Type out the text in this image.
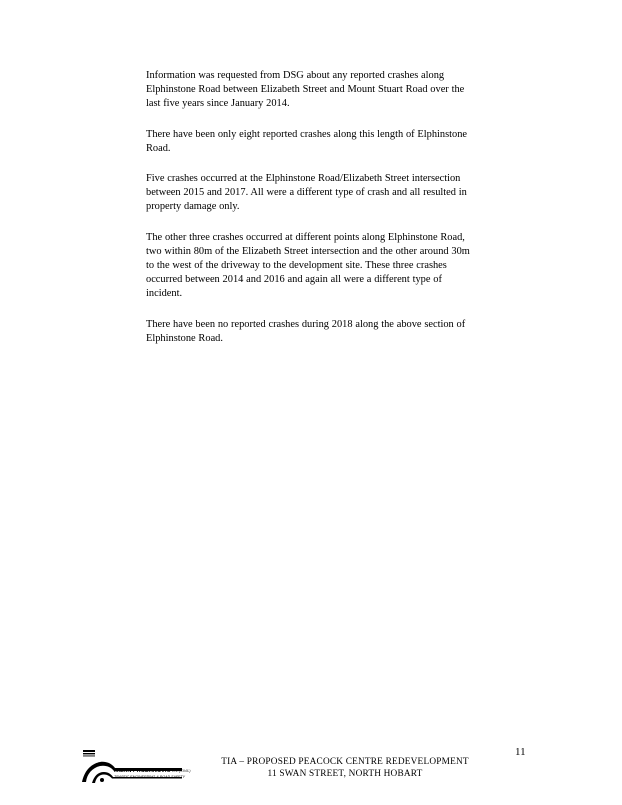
Information was requested from DSG about any reported crashes along
Elphinstone Road between Elizabeth Street and Mount Stuart Road over the
last five years since January 2014.

There have been only eight reported crashes along this length of Elphinstone
Road.

Five crashes occurred at the Elphinstone Road/Elizabeth Street intersection
between 2015 and 2017. All were a different type of crash and all resulted in
property damage only.

The other three crashes occurred at different points along Elphinstone Road,
two within 80m of the Elizabeth Street intersection and the other around 30m
to the west of the driveway to the development site. These three crashes
occurred between 2014 and 2016 and again all were a different type of
incident.

There have been no reported crashes during 2018 along the above section of
Elphinstone Road.

MILAN PRODANOVIC B.E.(CIVIL)
TRAFFIC ENGINEERING & ROAD SAFETY
11
TIA – PROPOSED PEACOCK CENTRE REDEVELOPMENT
11 SWAN STREET, NORTH HOBART
